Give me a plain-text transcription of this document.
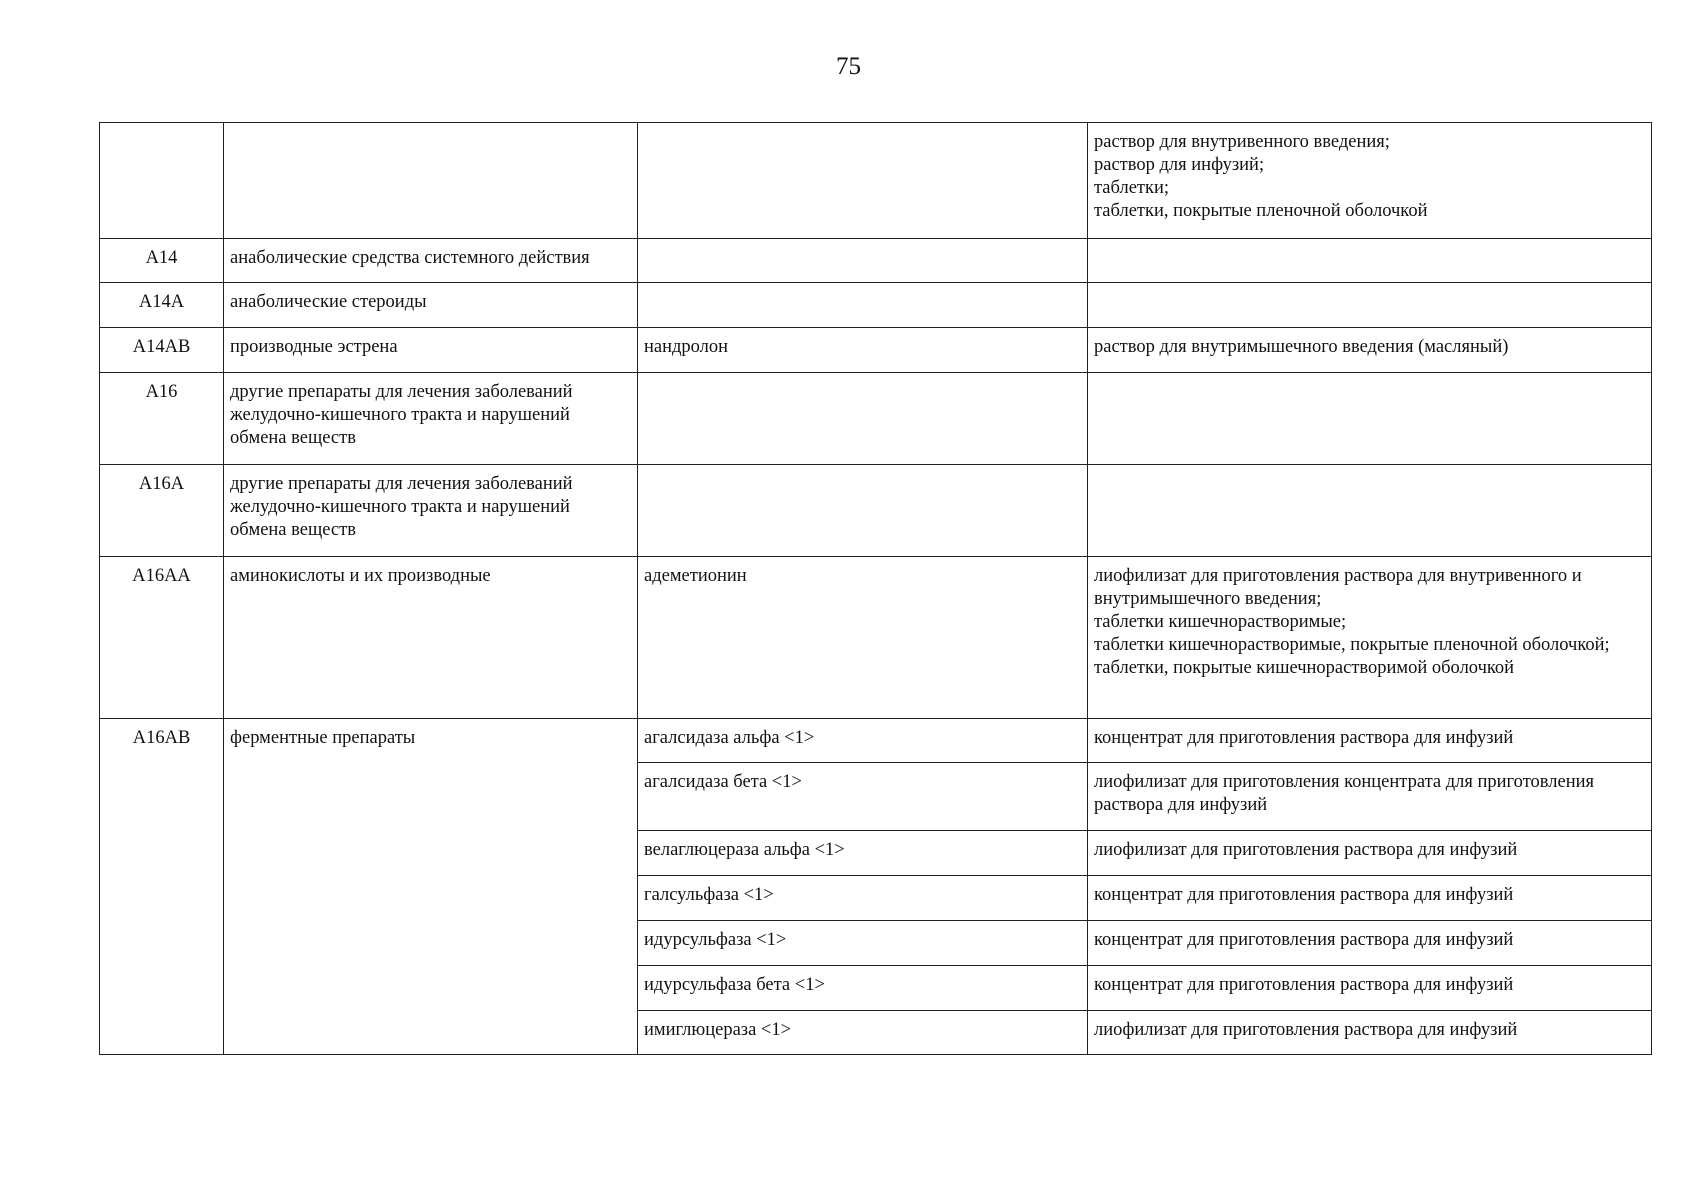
75

			раствор для внутривенного введения;
раствор для инфузий;
таблетки;
таблетки, покрытые пленочной оболочкой

A14	анаболические средства системного действия		
A14A	анаболические стероиды		
A14AB	производные эстрена	нандролон	раствор для внутримышечного введения (масляный)

A16	другие препараты для лечения заболеваний желудочно-кишечного тракта и нарушений обмена веществ		
A16A	другие препараты для лечения заболеваний желудочно-кишечного тракта и нарушений обмена веществ		
A16AA	аминокислоты и их производные	адеметионин	лиофилизат для приготовления раствора для внутривенного и внутримышечного введения;
таблетки кишечнорастворимые;
таблетки кишечнорастворимые, покрытые пленочной оболочкой;
таблетки, покрытые кишечнорастворимой оболочкой

A16AB	ферментные препараты	агалсидаза альфа <1>	концентрат для приготовления раствора для инфузий
		агалсидаза бета <1>	лиофилизат для приготовления концентрата для приготовления раствора для инфузий
		велаглюцераза альфа <1>	лиофилизат для приготовления раствора для инфузий
		галсульфаза <1>	концентрат для приготовления раствора для инфузий
		идурсульфаза <1>	концентрат для приготовления раствора для инфузий
		идурсульфаза бета <1>	концентрат для приготовления раствора для инфузий
		имиглюцераза <1>	лиофилизат для приготовления раствора для инфузий
